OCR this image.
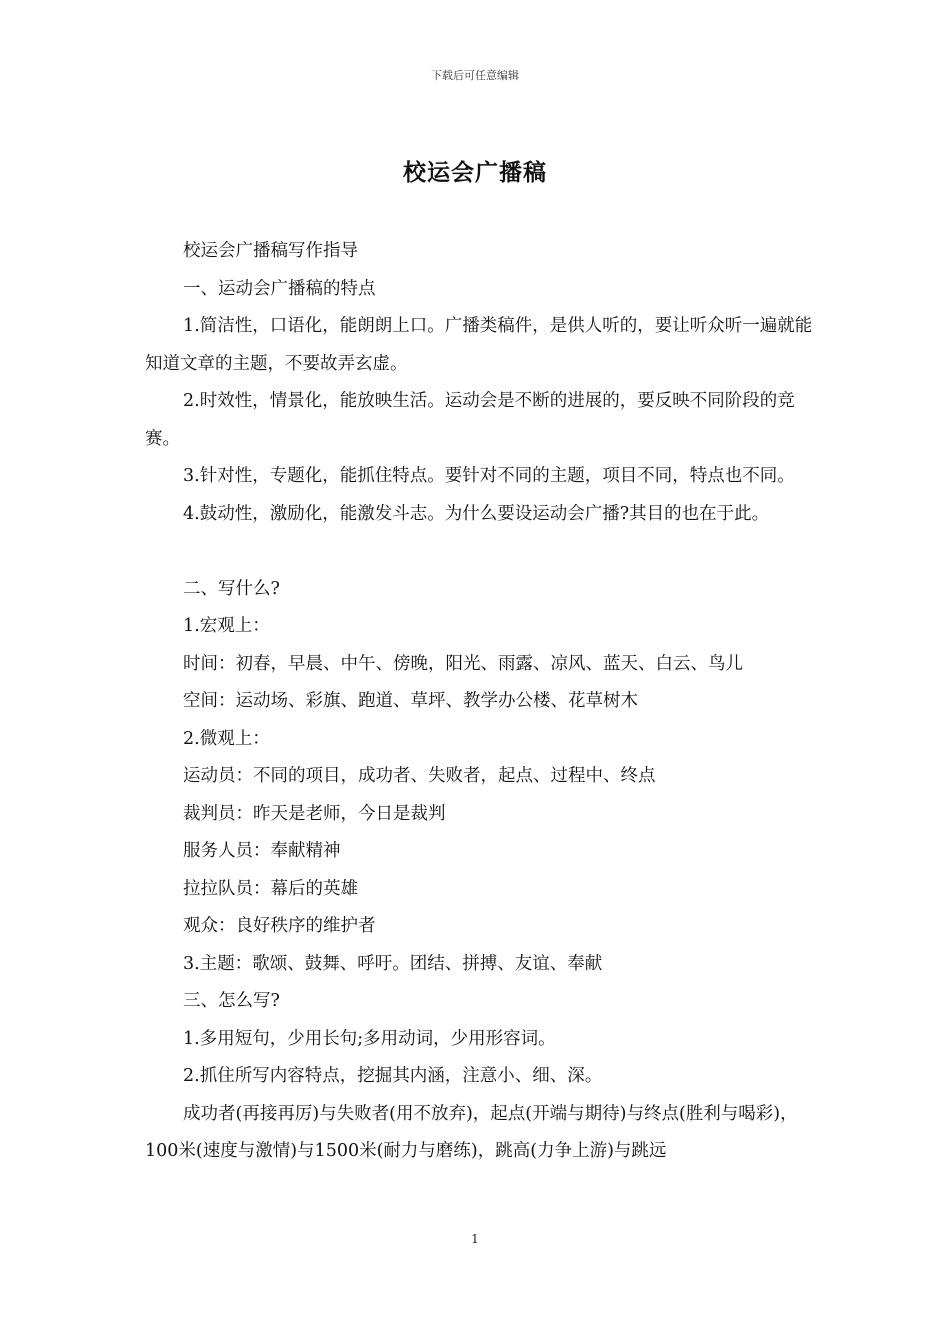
下载后可任意编辑
校运会广播稿

校运会广播稿写作指导

一、运动会广播稿的特点

1.简洁性，口语化，能朗朗上口。广播类稿件，是供人听的，要让听众听一遍就能知道文章的主题，不要故弄玄虚。

2.时效性，情景化，能放映生活。运动会是不断的进展的，要反映不同阶段的竞赛。

3.针对性，专题化，能抓住特点。要针对不同的主题，项目不同，特点也不同。

4.鼓动性，激励化，能激发斗志。为什么要设运动会广播?其目的也在于此。

二、写什么?

1.宏观上：

时间：初春，早晨、中午、傍晚，阳光、雨露、凉风、蓝天、白云、鸟儿

空间：运动场、彩旗、跑道、草坪、教学办公楼、花草树木

2.微观上：

运动员：不同的项目，成功者、失败者，起点、过程中、终点

裁判员：昨天是老师，今日是裁判

服务人员：奉献精神

拉拉队员：幕后的英雄

观众：良好秩序的维护者

3.主题：歌颂、鼓舞、呼吁。团结、拼搏、友谊、奉献

三、怎么写?

1.多用短句，少用长句;多用动词，少用形容词。

2.抓住所写内容特点，挖掘其内涵，注意小、细、深。

成功者(再接再厉)与失败者(用不放弃)，起点(开端与期待)与终点(胜利与喝彩)，100米(速度与激情)与1500米(耐力与磨练)，跳高(力争上游)与跳远

1
